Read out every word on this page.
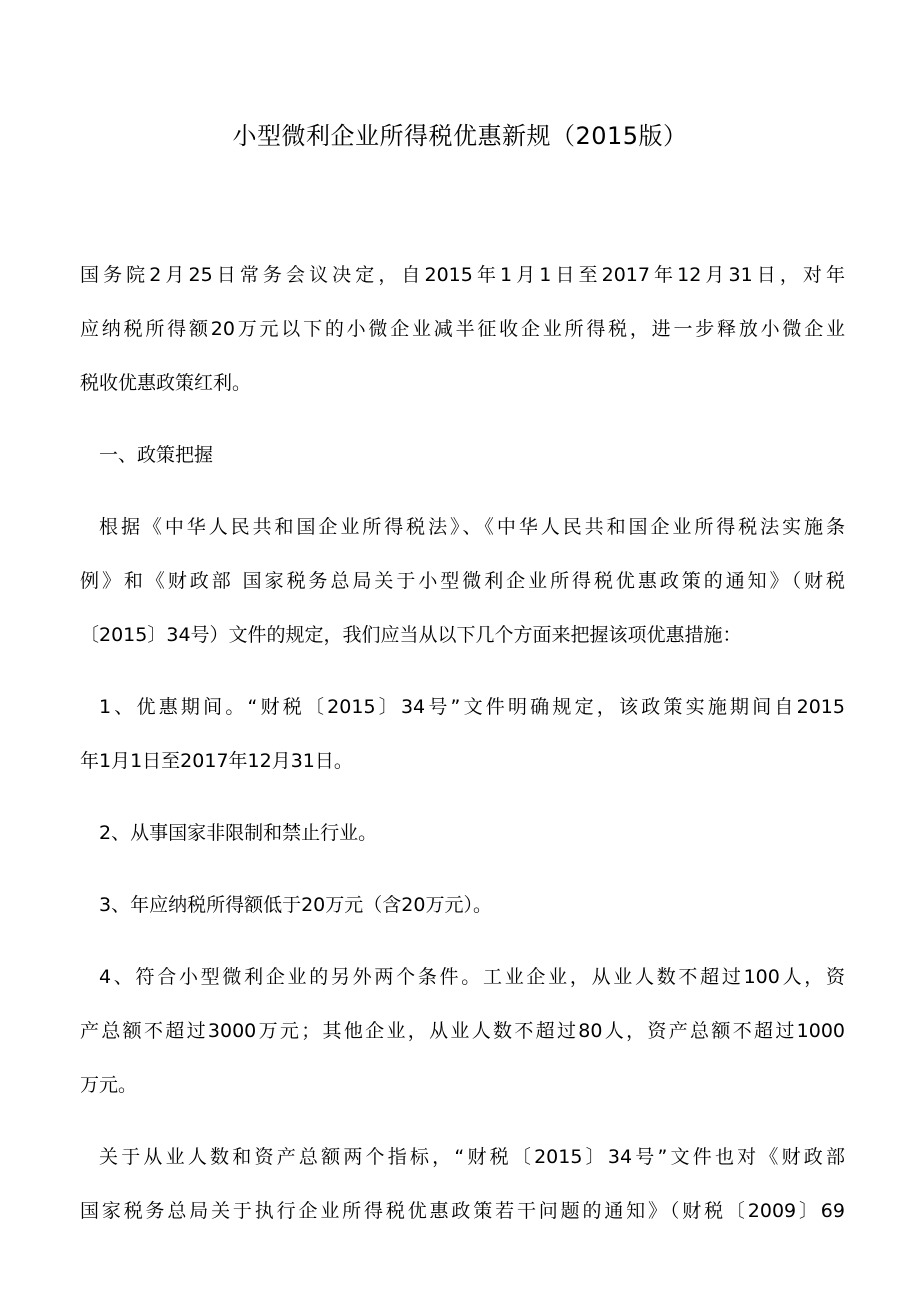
小型微利企业所得税优惠新规（2015版）

国务院2月25日常务会议决定，自2015年1月1日至2017年12月31日，对年
应纳税所得额20万元以下的小微企业减半征收企业所得税，进一步释放小微企业
税收优惠政策红利。

一、政策把握

根据《中华人民共和国企业所得税法》、《中华人民共和国企业所得税法实施条
例》和《财政部 国家税务总局关于小型微利企业所得税优惠政策的通知》（财税
〔2015〕34号）文件的规定，我们应当从以下几个方面来把握该项优惠措施：

1、优惠期间。“财税〔2015〕34号”文件明确规定，该政策实施期间自2015
年1月1日至2017年12月31日。

2、从事国家非限制和禁止行业。

3、年应纳税所得额低于20万元（含20万元）。

4、符合小型微利企业的另外两个条件。工业企业，从业人数不超过100人，资
产总额不超过3000万元；其他企业，从业人数不超过80人，资产总额不超过1000
万元。

关于从业人数和资产总额两个指标，“财税〔2015〕34号”文件也对《财政部
国家税务总局关于执行企业所得税优惠政策若干问题的通知》（财税〔2009〕69
